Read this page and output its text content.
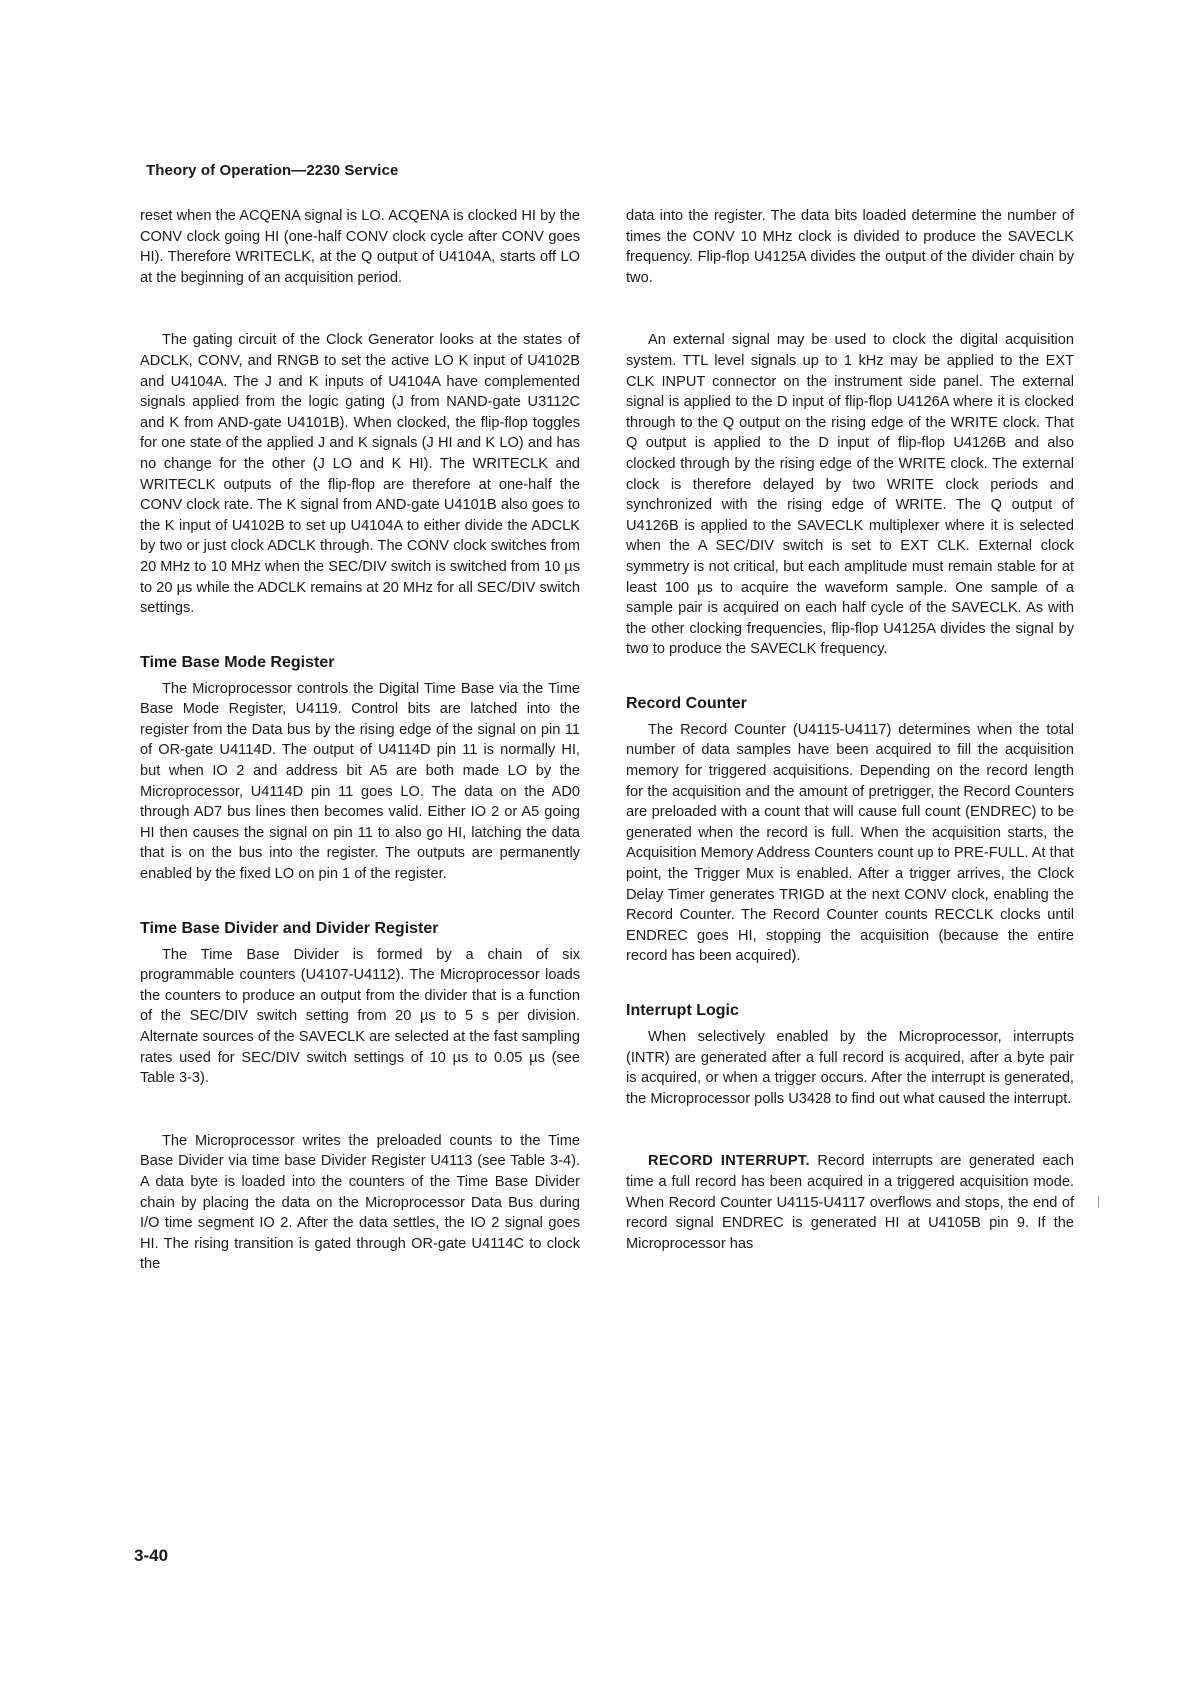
Theory of Operation—2230 Service

reset when the ACQENA signal is LO. ACQENA is clocked HI by the CONV clock going HI (one-half CONV clock cycle after CONV goes HI). Therefore WRITECLK, at the Q output of U4104A, starts off LO at the beginning of an acquisition period.

The gating circuit of the Clock Generator looks at the states of ADCLK, CONV, and RNGB to set the active LO K input of U4102B and U4104A. The J and K inputs of U4104A have complemented signals applied from the logic gating (J from NAND-gate U3112C and K from AND-gate U4101B). When clocked, the flip-flop toggles for one state of the applied J and K signals (J HI and K LO) and has no change for the other (J LO and K HI). The WRITECLK and WRITECLK outputs of the flip-flop are therefore at one-half the CONV clock rate. The K signal from AND-gate U4101B also goes to the K input of U4102B to set up U4104A to either divide the ADCLK by two or just clock ADCLK through. The CONV clock switches from 20 MHz to 10 MHz when the SEC/DIV switch is switched from 10 µs to 20 µs while the ADCLK remains at 20 MHz for all SEC/DIV switch settings.

Time Base Mode Register

The Microprocessor controls the Digital Time Base via the Time Base Mode Register, U4119. Control bits are latched into the register from the Data bus by the rising edge of the signal on pin 11 of OR-gate U4114D. The output of U4114D pin 11 is normally HI, but when IO 2 and address bit A5 are both made LO by the Microprocessor, U4114D pin 11 goes LO. The data on the AD0 through AD7 bus lines then becomes valid. Either IO 2 or A5 going HI then causes the signal on pin 11 to also go HI, latching the data that is on the bus into the register. The outputs are permanently enabled by the fixed LO on pin 1 of the register.

Time Base Divider and Divider Register

The Time Base Divider is formed by a chain of six programmable counters (U4107-U4112). The Microprocessor loads the counters to produce an output from the divider that is a function of the SEC/DIV switch setting from 20 µs to 5 s per division. Alternate sources of the SAVECLK are selected at the fast sampling rates used for SEC/DIV switch settings of 10 µs to 0.05 µs (see Table 3-3).

The Microprocessor writes the preloaded counts to the Time Base Divider via time base Divider Register U4113 (see Table 3-4). A data byte is loaded into the counters of the Time Base Divider chain by placing the data on the Microprocessor Data Bus during I/O time segment IO 2. After the data settles, the IO 2 signal goes HI. The rising transition is gated through OR-gate U4114C to clock the

data into the register. The data bits loaded determine the number of times the CONV 10 MHz clock is divided to produce the SAVECLK frequency. Flip-flop U4125A divides the output of the divider chain by two.

An external signal may be used to clock the digital acquisition system. TTL level signals up to 1 kHz may be applied to the EXT CLK INPUT connector on the instrument side panel. The external signal is applied to the D input of flip-flop U4126A where it is clocked through to the Q output on the rising edge of the WRITE clock. That Q output is applied to the D input of flip-flop U4126B and also clocked through by the rising edge of the WRITE clock. The external clock is therefore delayed by two WRITE clock periods and synchronized with the rising edge of WRITE. The Q output of U4126B is applied to the SAVECLK multiplexer where it is selected when the A SEC/DIV switch is set to EXT CLK. External clock symmetry is not critical, but each amplitude must remain stable for at least 100 µs to acquire the waveform sample. One sample of a sample pair is acquired on each half cycle of the SAVECLK. As with the other clocking frequencies, flip-flop U4125A divides the signal by two to produce the SAVECLK frequency.

Record Counter

The Record Counter (U4115-U4117) determines when the total number of data samples have been acquired to fill the acquisition memory for triggered acquisitions. Depending on the record length for the acquisition and the amount of pretrigger, the Record Counters are preloaded with a count that will cause full count (ENDREC) to be generated when the record is full. When the acquisition starts, the Acquisition Memory Address Counters count up to PRE-FULL. At that point, the Trigger Mux is enabled. After a trigger arrives, the Clock Delay Timer generates TRIGD at the next CONV clock, enabling the Record Counter. The Record Counter counts RECCLK clocks until ENDREC goes HI, stopping the acquisition (because the entire record has been acquired).

Interrupt Logic

When selectively enabled by the Microprocessor, interrupts (INTR) are generated after a full record is acquired, after a byte pair is acquired, or when a trigger occurs. After the interrupt is generated, the Microprocessor polls U3428 to find out what caused the interrupt.

RECORD INTERRUPT. Record interrupts are generated each time a full record has been acquired in a triggered acquisition mode. When Record Counter U4115-U4117 overflows and stops, the end of record signal ENDREC is generated HI at U4105B pin 9. If the Microprocessor has

3-40
